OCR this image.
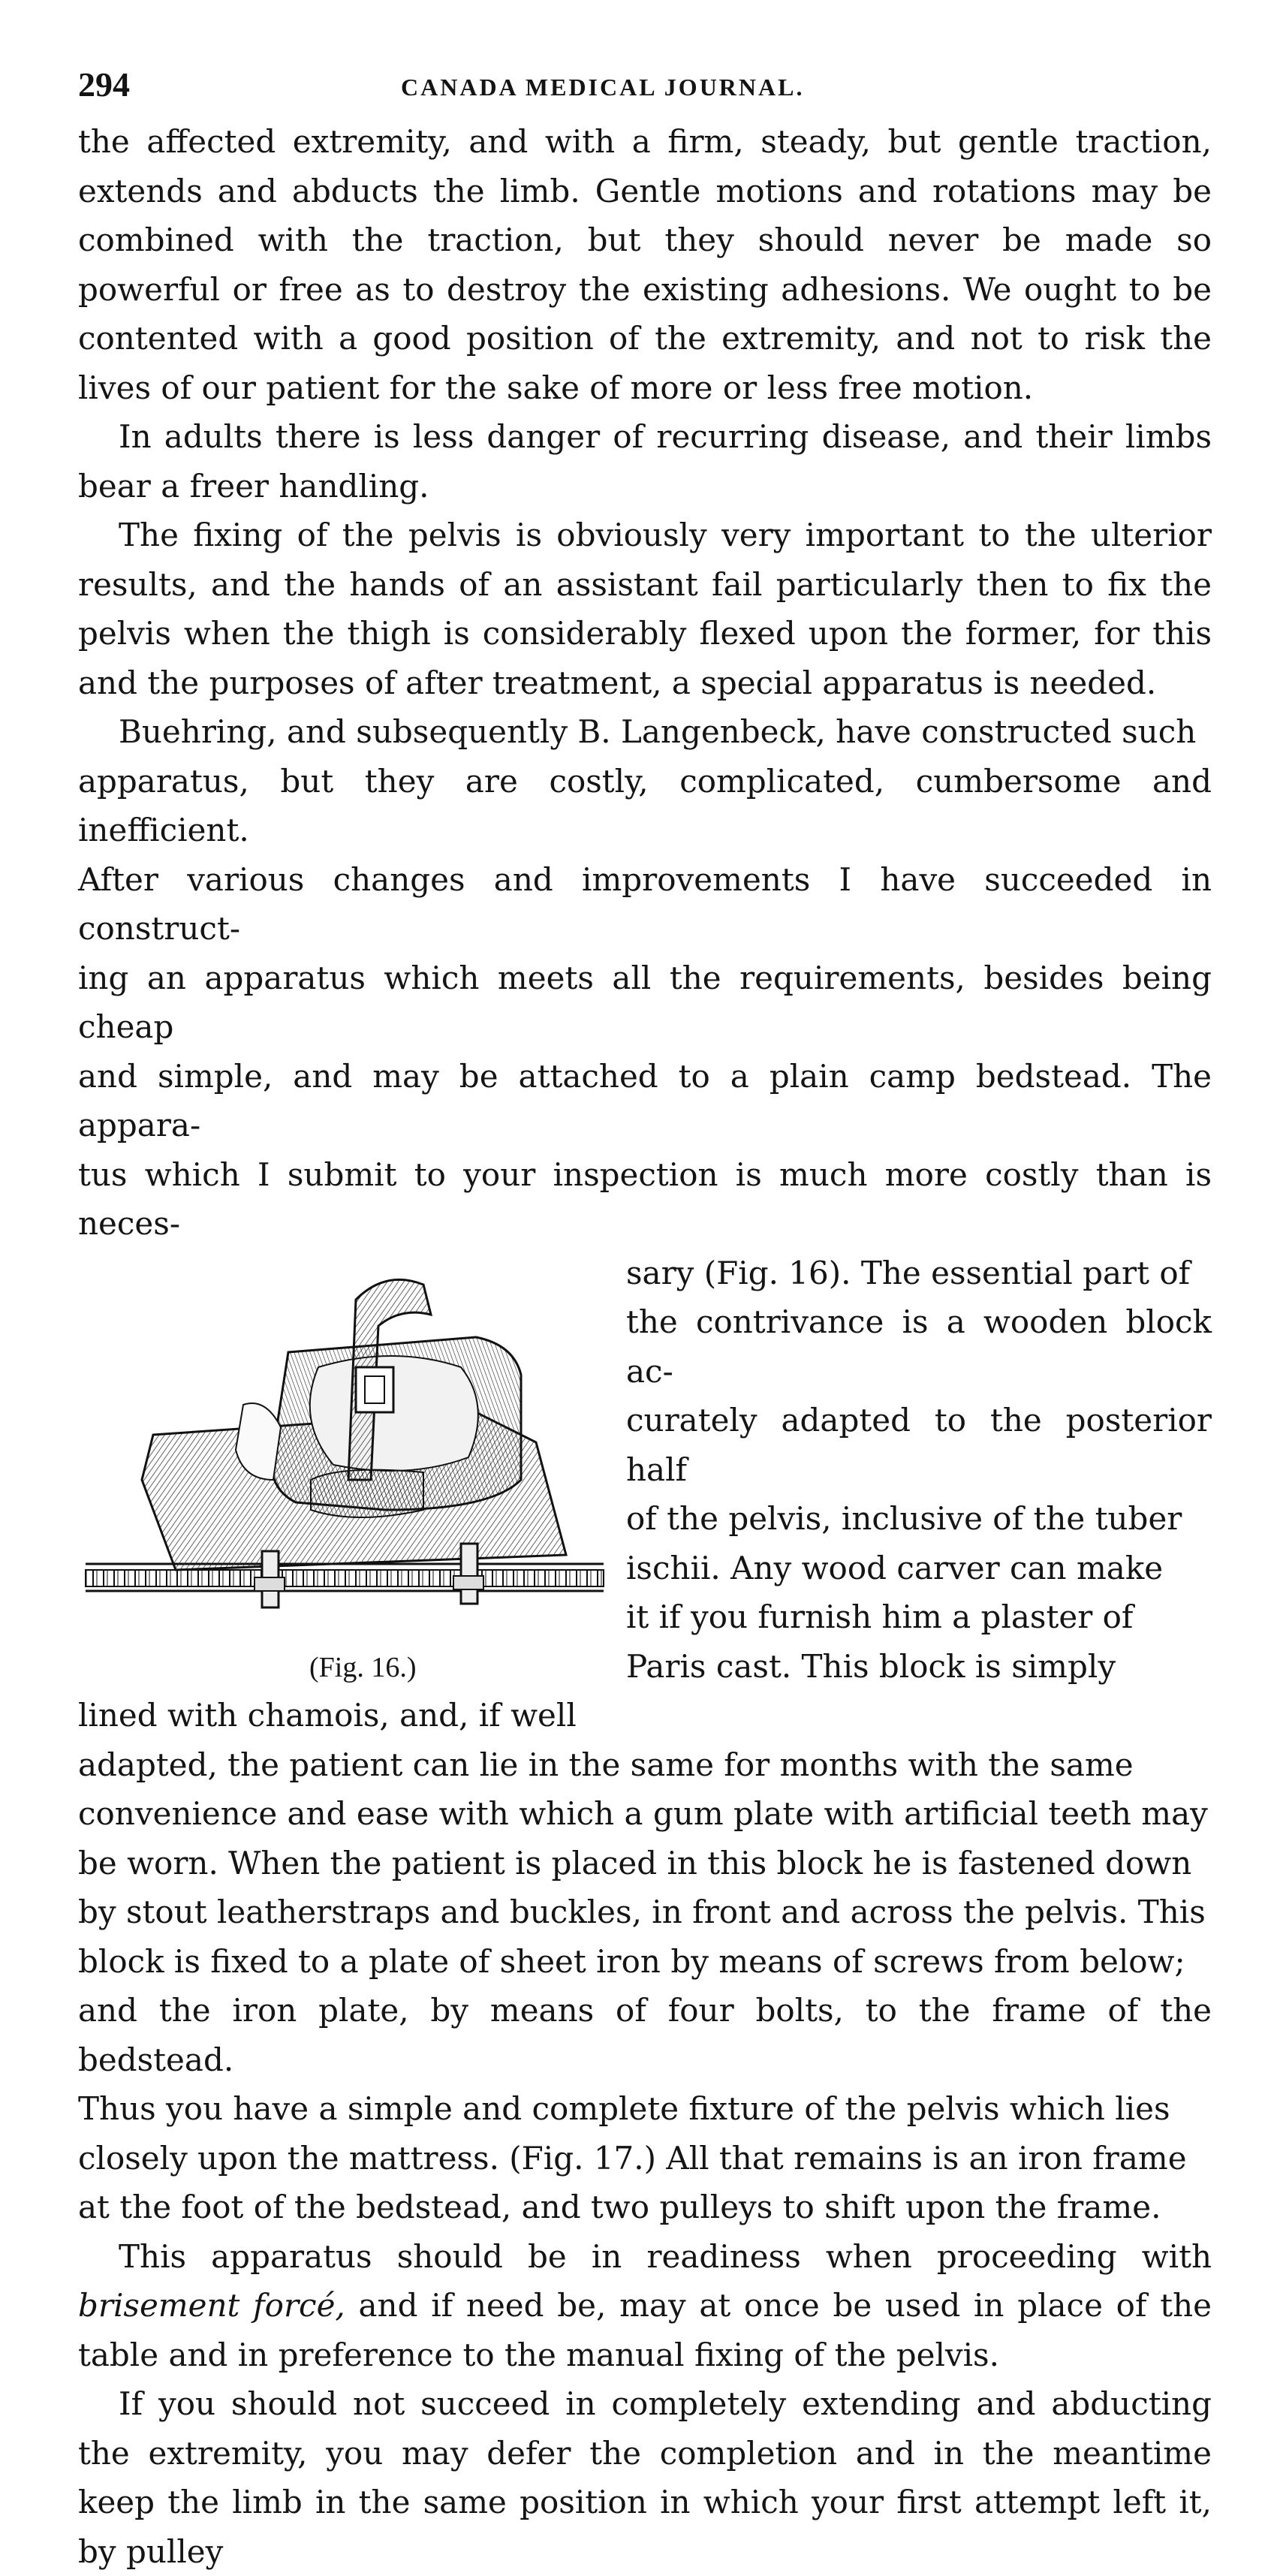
294	CANADA MEDICAL JOURNAL.

the affected extremity, and with a firm, steady, but gentle traction, extends and abducts the limb. Gentle motions and rotations may be combined with the traction, but they should never be made so powerful or free as to destroy the existing adhesions. We ought to be contented with a good position of the extremity, and not to risk the lives of our patient for the sake of more or less free motion.

In adults there is less danger of recurring disease, and their limbs bear a freer handling.

The fixing of the pelvis is obviously very important to the ulterior results, and the hands of an assistant fail particularly then to fix the pelvis when the thigh is considerably flexed upon the former, for this and the purposes of after treatment, a special apparatus is needed.

Buehring, and subsequently B. Langenbeck, have constructed such
apparatus, but they are costly, complicated, cumbersome and inefficient.
After various changes and improvements I have succeeded in construct-
ing an apparatus which meets all the requirements, besides being cheap
and simple, and may be attached to a plain camp bedstead. The appara-
tus which I submit to your inspection is much more costly than is neces-
(Fig. 16.)
sary (Fig. 16). The essential part of
the contrivance is a wooden block ac-
curately adapted to the posterior half
of the pelvis, inclusive of the tuber
ischii. Any wood carver can make
it if you furnish him a plaster of
Paris cast. This block is simply
lined with chamois, and, if well
adapted, the patient can lie in the same for months with the same
convenience and ease with which a gum plate with artificial teeth may
be worn. When the patient is placed in this block he is fastened down
by stout leatherstraps and buckles, in front and across the pelvis. This
block is fixed to a plate of sheet iron by means of screws from below;
and the iron plate, by means of four bolts, to the frame of the bedstead.
Thus you have a simple and complete fixture of the pelvis which lies
closely upon the mattress. (Fig. 17.) All that remains is an iron frame
at the foot of the bedstead, and two pulleys to shift upon the frame.

This apparatus should be in readiness when proceeding with brisement forcé, and if need be, may at once be used in place of the table and in preference to the manual fixing of the pelvis.

If you should not succeed in completely extending and abducting the extremity, you may defer the completion and in the meantime keep the limb in the same position in which your first attempt left it, by pulley
